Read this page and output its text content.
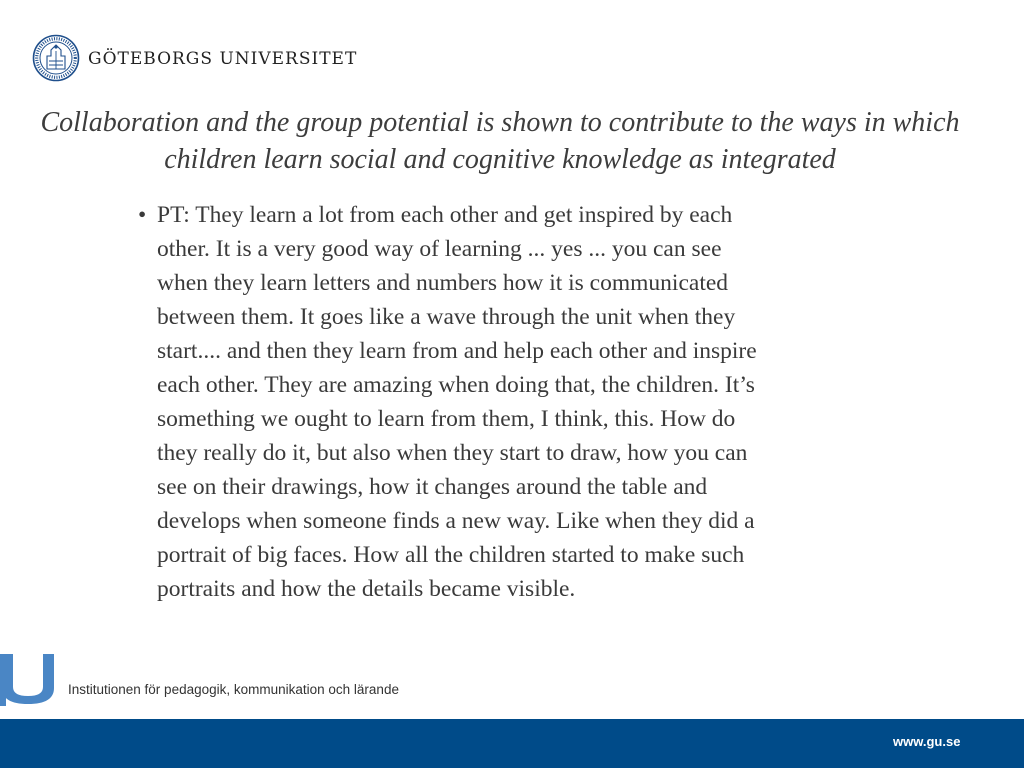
GÖTEBORGS UNIVERSITET
Collaboration and the group potential is shown to contribute to the ways in which children learn social and cognitive knowledge as integrated
• PT: They learn a lot from each other and get inspired by each
other. It is a very good way of learning ... yes ... you can see
when they learn letters and numbers how it is communicated
between them. It goes like a wave through the unit when they
start.... and then they learn from and help each other and inspire
each other. They are amazing when doing that, the children. It’s
something we ought to learn from them, I think, this. How do
they really do it, but also when they start to draw, how you can
see on their drawings, how it changes around the table and
develops when someone finds a new way. Like when they did a
portrait of big faces. How all the children started to make such
portraits and how the details became visible.
Institutionen för pedagogik, kommunikation och lärande
www.gu.se
